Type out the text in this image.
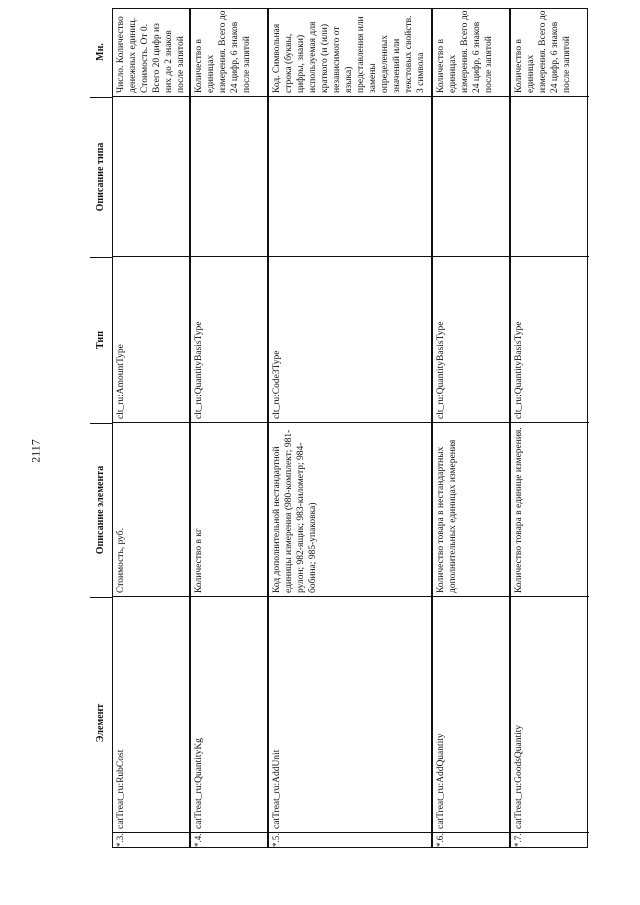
2117
Элемент
Описание элемента
Тип
Описание типа
Мн.
*.3.
catTreat_ru:RubCost
Стоимость, руб.
clt_ru:AmountType
Число. Количество денежных единиц. Стоимость. От 0. Всего 20 цифр из них до 2 знаков после запятой
*.4.
catTreat_ru:QuantityKg
Количество в кг
clt_ru:QuantityBasisType
Количество в единицах измерения. Всего до 24 цифр, 6 знаков после запятой
*.5.
catTreat_ru:AddUnit
Код дополнительной нестандартной единицы измерения (980-комплект; 981-рулон; 982-ящик; 983-километр; 984-бобина; 985-упаковка)
clt_ru:Code3Type
Код. Символьная строка (буквы, цифры, знаки) используемая для краткого (и (или) независимого от языка) представления или замены определенных значений или текстовых свойств. 3 символа
*.6.
catTreat_ru:AddQuantity
Количество товара в нестандартных дополнительных единицах измерения
clt_ru:QuantityBasisType
Количество в единицах измерения. Всего до 24 цифр, 6 знаков после запятой
*.7.
catTreat_ru:GoodsQuantity
Количество товара в единице измерения.
clt_ru:QuantityBasisType
Количество в единицах измерения. Всего до 24 цифр, 6 знаков после запятой
